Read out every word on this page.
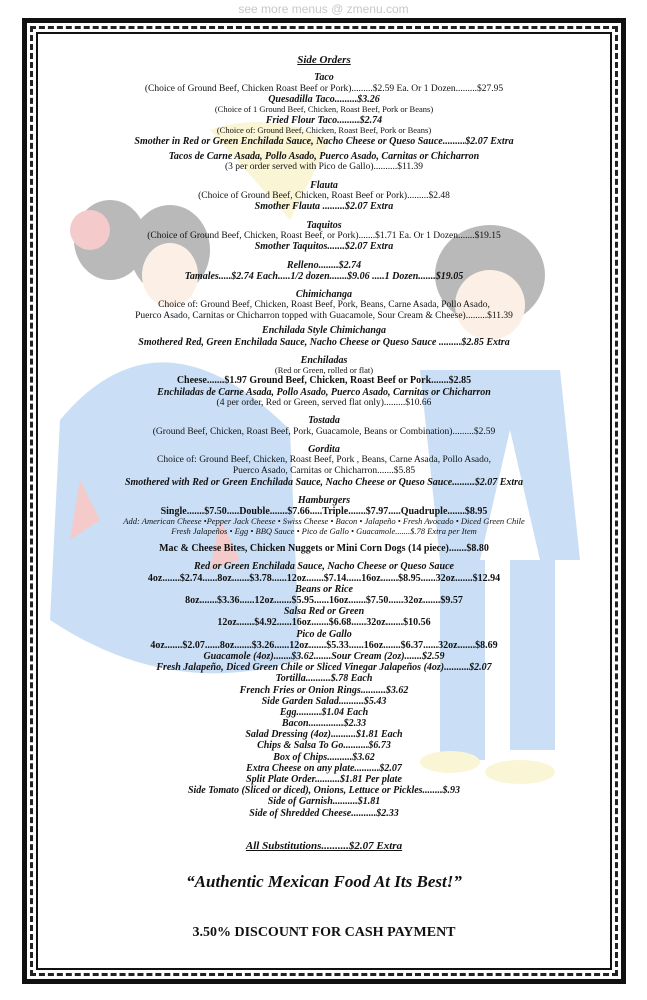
see more menus @ zmenu.com
Side Orders
Taco
(Choice of Ground Beef, Chicken Roast Beef or Pork).........$2.59 Ea. Or 1 Dozen.........$27.95
Quesadilla Taco.........$3.26
(Choice of 1 Ground Beef, Chicken, Roast Beef, Pork or Beans)
Fried Flour Taco.........$2.74
(Choice of: Ground Beef, Chicken, Roast Beef, Pork or Beans)
Smother in Red or Green Enchilada Sauce, Nacho Cheese or Queso Sauce.........$2.07 Extra
Tacos de Carne Asada, Pollo Asado, Puerco Asado, Carnitas or Chicharron
(3 per order served with Pico de Gallo)..........$11.39
Flauta
(Choice of Ground Beef, Chicken, Roast Beef or Pork).........$2.48
Smother Flauta .........$2.07 Extra
Taquitos
(Choice of Ground Beef, Chicken, Roast Beef, or Pork).......$1.71 Ea. Or 1 Dozen.......$19.15
Smother Taquitos.......$2.07 Extra
Relleno........$2.74
Tamales.....$2.74 Each.....1/2 dozen.......$9.06 .....1 Dozen.......$19.05
Chimichanga
Choice of: Ground Beef, Chicken, Roast Beef, Pork, Beans, Carne Asada, Pollo Asado,
Puerco Asado, Carnitas or Chicharron topped with Guacamole, Sour Cream & Cheese).........$11.39
Enchilada Style Chimichanga
Smothered Red, Green Enchilada Sauce, Nacho Cheese or Queso Sauce .........$2.85 Extra
Enchiladas
(Red or Green, rolled or flat)
Cheese.......$1.97 Ground Beef, Chicken, Roast Beef or Pork.......$2.85
Enchiladas de Carne Asada, Pollo Asado, Puerco Asado, Carnitas or Chicharron
(4 per order, Red or Green, served flat only).........$10.66
Tostada
(Ground Beef, Chicken, Roast Beef, Pork, Guacamole, Beans or Combination).........$2.59
Gordita
Choice of: Ground Beef, Chicken, Roast Beef, Pork , Beans, Carne Asada, Pollo Asado,
Puerco Asado, Carnitas or Chicharron.......$5.85
Smothered with Red or Green Enchilada Sauce, Nacho Cheese or Queso Sauce.........$2.07 Extra
Hamburgers
Single.......$7.50.....Double.......$7.66.....Triple.......$7.97.....Quadruple.......$8.95
Add: American Cheese •Pepper Jack Cheese • Swiss Cheese • Bacon • Jalapeño • Fresh Avocado • Diced Green Chile
Fresh Jalapeños • Egg • BBQ Sauce • Pico de Gallo • Guacamole.......$.78 Extra per Item
Mac & Cheese Bites, Chicken Nuggets or Mini Corn Dogs (14 piece).......$8.80
Red or Green Enchilada Sauce, Nacho Cheese or Queso Sauce
4oz.......$2.74......8oz.......$3.78......12oz.......$7.14......16oz.......$8.95......32oz.......$12.94
Beans or Rice
8oz.......$3.36......12oz.......$5.95......16oz.......$7.50......32oz.......$9.57
Salsa Red or Green
12oz.......$4.92......16oz.......$6.68......32oz.......$10.56
Pico de Gallo
4oz.......$2.07......8oz.......$3.26......12oz.......$5.33......16oz.......$6.37......32oz.......$8.69
Guacamole (4oz).......$3.62.......Sour Cream (2oz).......$2.59
Fresh Jalapeño, Diced Green Chile or Sliced Vinegar Jalapeños (4oz)..........$2.07
Tortilla..........$.78 Each
French Fries or Onion Rings..........$3.62
Side Garden Salad..........$5.43
Egg..........$1.04 Each
Bacon..............$2.33
Salad Dressing (4oz)..........$1.81 Each
Chips & Salsa To Go..........$6.73
Box of Chips..........$3.62
Extra Cheese on any plate..........$2.07
Split Plate Order..........$1.81 Per plate
Side Tomato (Sliced or diced), Onions, Lettuce or Pickles........$.93
Side of Garnish..........$1.81
Side of Shredded Cheese..........$2.33
All Substitutions..........$2.07 Extra
“Authentic Mexican Food At Its Best!”
3.50% DISCOUNT FOR CASH PAYMENT
